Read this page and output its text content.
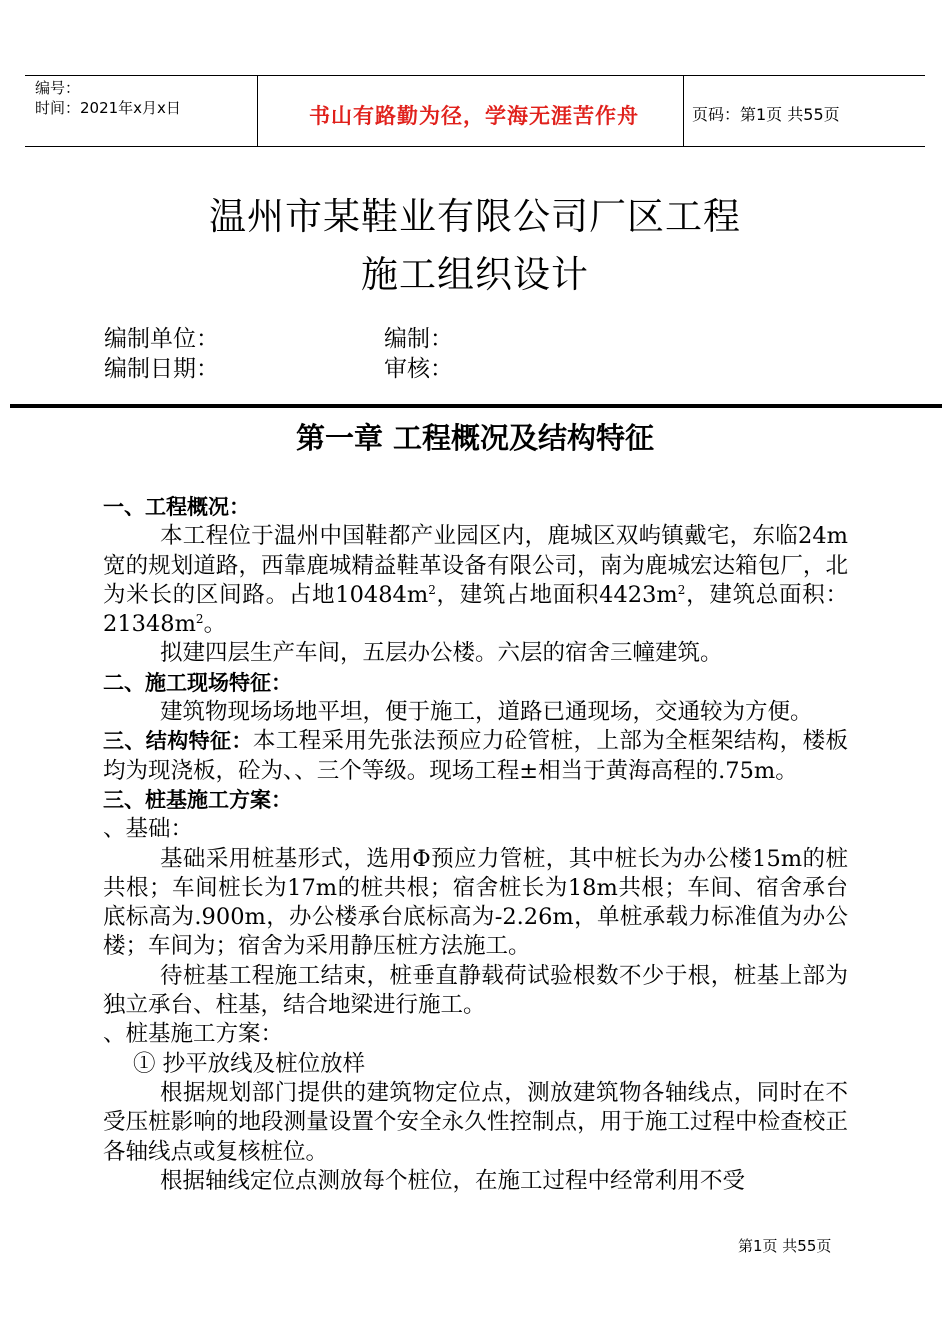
编号：
时间：2021年x月x日	书山有路勤为径，学海无涯苦作舟	页码：第1页 共55页
温州市某鞋业有限公司厂区工程
施工组织设计
编制单位：	编制：
编制日期：	审核：
第一章 工程概况及结构特征

一、工程概况：

本工程位于温州中国鞋都产业园区内，鹿城区双屿镇戴宅，东临24m宽的规划道路，西靠鹿城精益鞋革设备有限公司，南为鹿城宏达箱包厂，北为米长的区间路。占地$10484m^2$，建筑占地面积$4423m^2$，建筑总面积：$21348m^2$。

拟建四层生产车间，五层办公楼。六层的宿舍三幢建筑。

二、施工现场特征：

建筑物现场场地平坦，便于施工，道路已通现场，交通较为方便。

三、结构特征：本工程采用先张法预应力砼管桩，上部为全框架结构，楼板均为现浇板，砼为、、三个等级。现场工程±相当于黄海高程的.75m。

三、桩基施工方案：

、基础：

基础采用桩基形式，选用Φ预应力管桩，其中桩长为办公楼15m的桩共根；车间桩长为17m的桩共根；宿舍桩长为18m共根；车间、宿舍承台底标高为.900m，办公楼承台底标高为-2.26m，单桩承载力标准值为办公楼；车间为；宿舍为采用静压桩方法施工。

待桩基工程施工结束，桩垂直静载荷试验根数不少于根，桩基上部为独立承台、柱基，结合地梁进行施工。

、桩基施工方案：

① 抄平放线及桩位放样

根据规划部门提供的建筑物定位点，测放建筑物各轴线点，同时在不受压桩影响的地段测量设置个安全永久性控制点，用于施工过程中检查校正各轴线点或复核桩位。

根据轴线定位点测放每个桩位，在施工过程中经常利用不受

第1页 共55页
